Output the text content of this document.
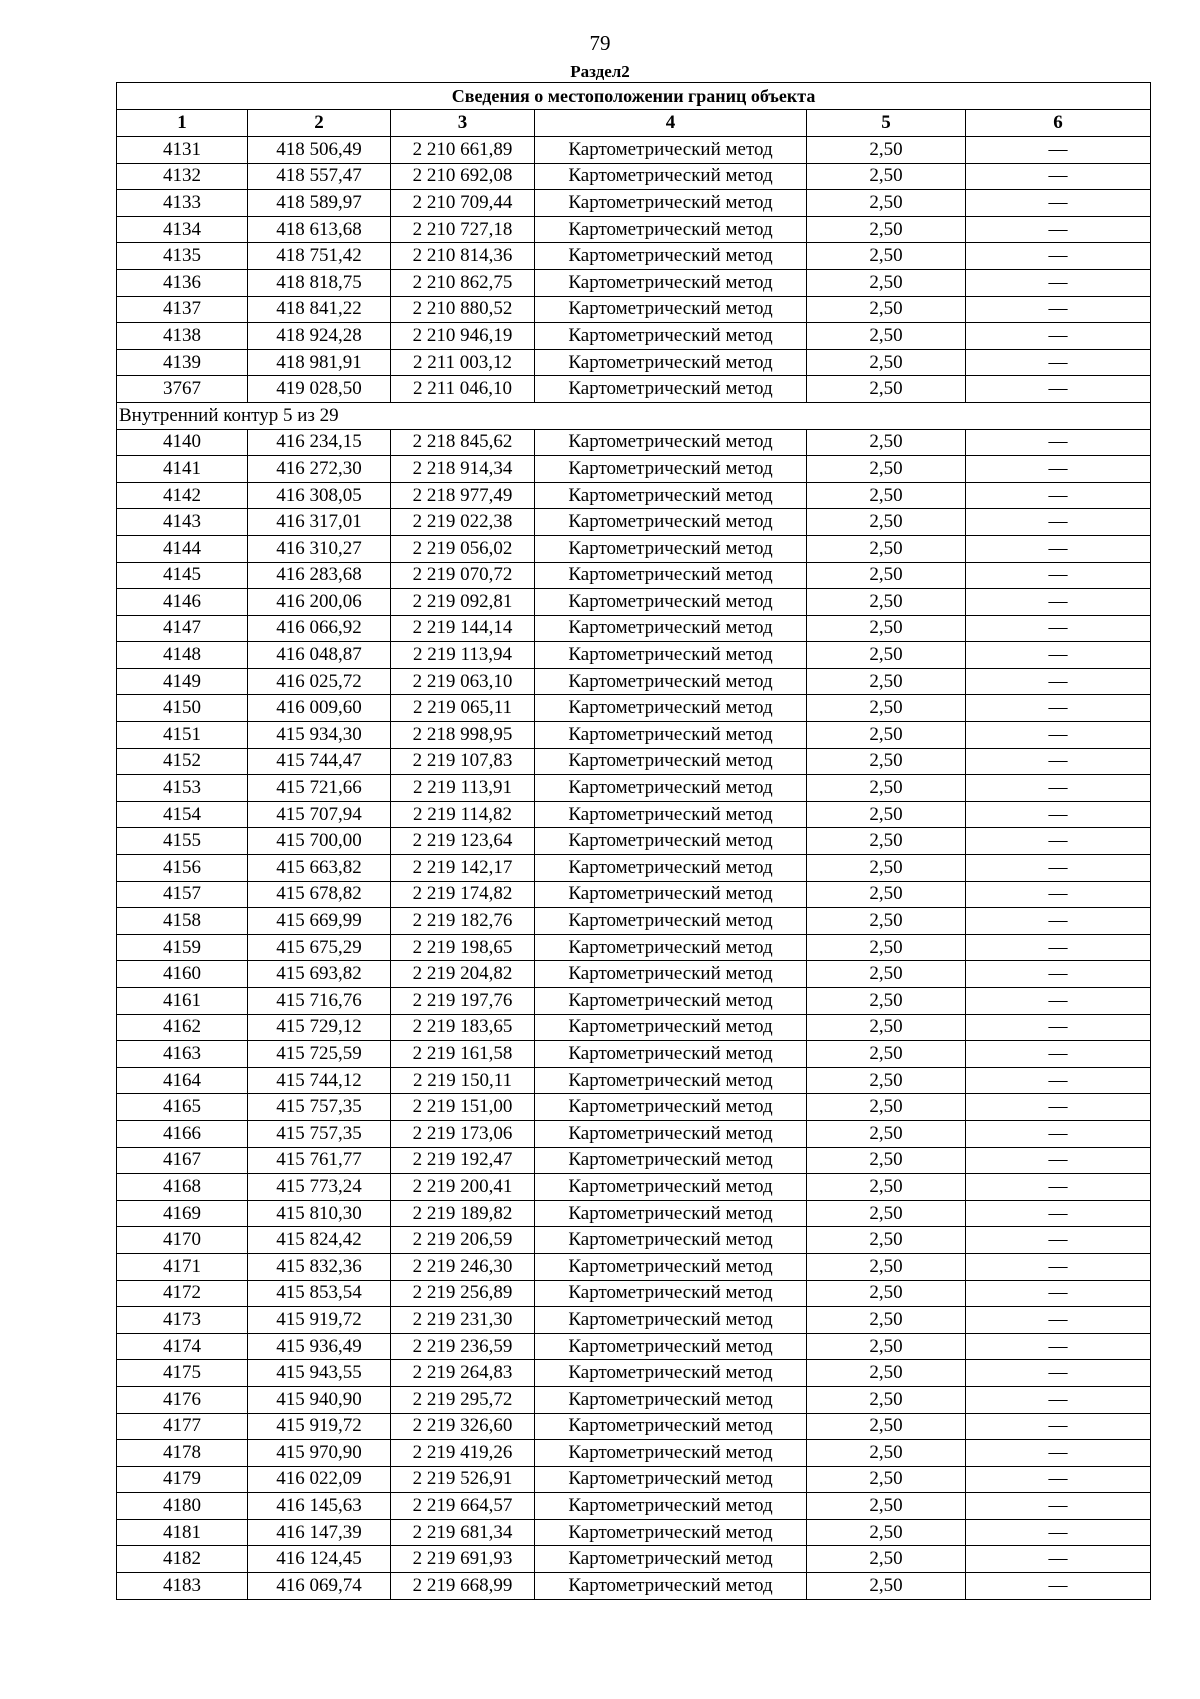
79
Раздел2
Сведения о местоположении границ объекта					
1	2	3	4	5	6
4131	418 506,49	2 210 661,89	Картометрический метод	2,50	—
4132	418 557,47	2 210 692,08	Картометрический метод	2,50	—
4133	418 589,97	2 210 709,44	Картометрический метод	2,50	—
4134	418 613,68	2 210 727,18	Картометрический метод	2,50	—
4135	418 751,42	2 210 814,36	Картометрический метод	2,50	—
4136	418 818,75	2 210 862,75	Картометрический метод	2,50	—
4137	418 841,22	2 210 880,52	Картометрический метод	2,50	—
4138	418 924,28	2 210 946,19	Картометрический метод	2,50	—
4139	418 981,91	2 211 003,12	Картометрический метод	2,50	—
3767	419 028,50	2 211 046,10	Картометрический метод	2,50	—
Внутренний контур 5 из 29					
4140	416 234,15	2 218 845,62	Картометрический метод	2,50	—
4141	416 272,30	2 218 914,34	Картометрический метод	2,50	—
4142	416 308,05	2 218 977,49	Картометрический метод	2,50	—
4143	416 317,01	2 219 022,38	Картометрический метод	2,50	—
4144	416 310,27	2 219 056,02	Картометрический метод	2,50	—
4145	416 283,68	2 219 070,72	Картометрический метод	2,50	—
4146	416 200,06	2 219 092,81	Картометрический метод	2,50	—
4147	416 066,92	2 219 144,14	Картометрический метод	2,50	—
4148	416 048,87	2 219 113,94	Картометрический метод	2,50	—
4149	416 025,72	2 219 063,10	Картометрический метод	2,50	—
4150	416 009,60	2 219 065,11	Картометрический метод	2,50	—
4151	415 934,30	2 218 998,95	Картометрический метод	2,50	—
4152	415 744,47	2 219 107,83	Картометрический метод	2,50	—
4153	415 721,66	2 219 113,91	Картометрический метод	2,50	—
4154	415 707,94	2 219 114,82	Картометрический метод	2,50	—
4155	415 700,00	2 219 123,64	Картометрический метод	2,50	—
4156	415 663,82	2 219 142,17	Картометрический метод	2,50	—
4157	415 678,82	2 219 174,82	Картометрический метод	2,50	—
4158	415 669,99	2 219 182,76	Картометрический метод	2,50	—
4159	415 675,29	2 219 198,65	Картометрический метод	2,50	—
4160	415 693,82	2 219 204,82	Картометрический метод	2,50	—
4161	415 716,76	2 219 197,76	Картометрический метод	2,50	—
4162	415 729,12	2 219 183,65	Картометрический метод	2,50	—
4163	415 725,59	2 219 161,58	Картометрический метод	2,50	—
4164	415 744,12	2 219 150,11	Картометрический метод	2,50	—
4165	415 757,35	2 219 151,00	Картометрический метод	2,50	—
4166	415 757,35	2 219 173,06	Картометрический метод	2,50	—
4167	415 761,77	2 219 192,47	Картометрический метод	2,50	—
4168	415 773,24	2 219 200,41	Картометрический метод	2,50	—
4169	415 810,30	2 219 189,82	Картометрический метод	2,50	—
4170	415 824,42	2 219 206,59	Картометрический метод	2,50	—
4171	415 832,36	2 219 246,30	Картометрический метод	2,50	—
4172	415 853,54	2 219 256,89	Картометрический метод	2,50	—
4173	415 919,72	2 219 231,30	Картометрический метод	2,50	—
4174	415 936,49	2 219 236,59	Картометрический метод	2,50	—
4175	415 943,55	2 219 264,83	Картометрический метод	2,50	—
4176	415 940,90	2 219 295,72	Картометрический метод	2,50	—
4177	415 919,72	2 219 326,60	Картометрический метод	2,50	—
4178	415 970,90	2 219 419,26	Картометрический метод	2,50	—
4179	416 022,09	2 219 526,91	Картометрический метод	2,50	—
4180	416 145,63	2 219 664,57	Картометрический метод	2,50	—
4181	416 147,39	2 219 681,34	Картометрический метод	2,50	—
4182	416 124,45	2 219 691,93	Картометрический метод	2,50	—
4183	416 069,74	2 219 668,99	Картометрический метод	2,50	—
